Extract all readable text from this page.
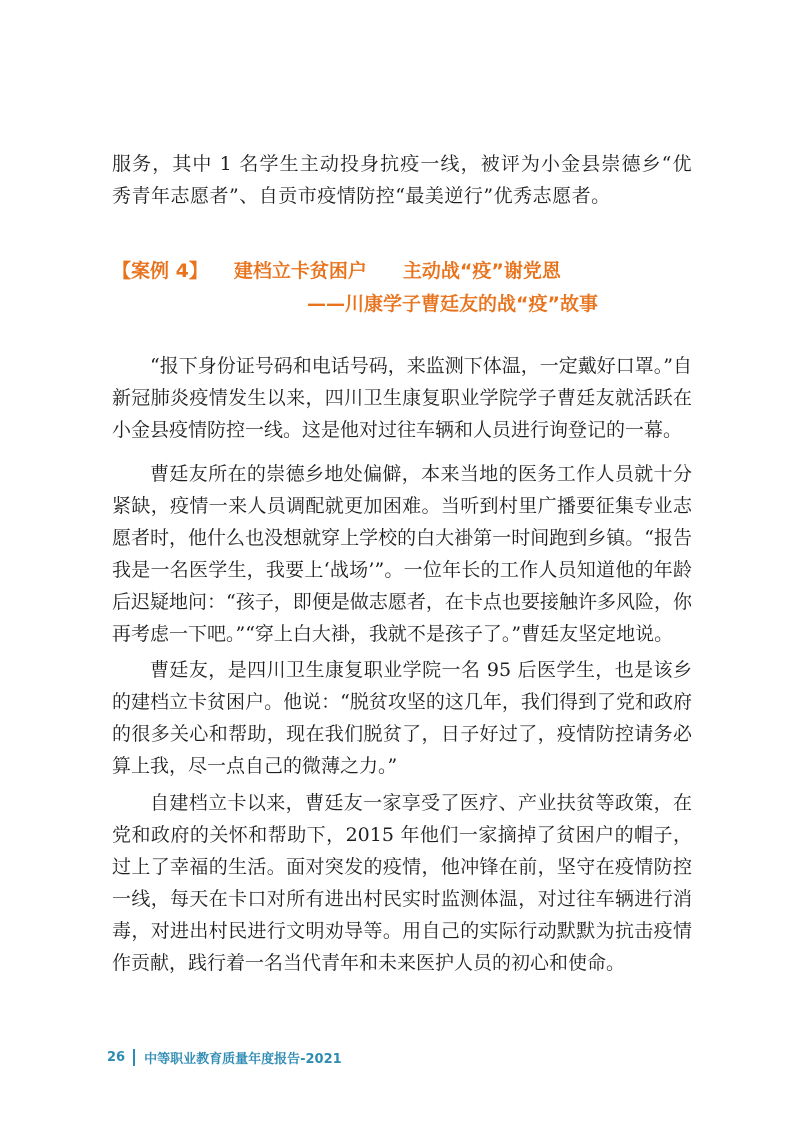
服务，其中 1 名学生主动投身抗疫一线，被评为小金县崇德乡“优秀青年志愿者”、自贡市疫情防控“最美逆行”优秀志愿者。

【案例 4】 建档立卡贫困户 主动战“疫”谢党恩
——川康学子曹廷友的战“疫”故事

“报下身份证号码和电话号码，来监测下体温，一定戴好口罩。”自新冠肺炎疫情发生以来，四川卫生康复职业学院学子曹廷友就活跃在小金县疫情防控一线。这是他对过往车辆和人员进行询登记的一幕。

曹廷友所在的崇德乡地处偏僻，本来当地的医务工作人员就十分紧缺，疫情一来人员调配就更加困难。当听到村里广播要征集专业志愿者时，他什么也没想就穿上学校的白大褂第一时间跑到乡镇。“报告我是一名医学生，我要上‘战场’”。一位年长的工作人员知道他的年龄后迟疑地问：“孩子，即便是做志愿者，在卡点也要接触许多风险，你再考虑一下吧。”“穿上白大褂，我就不是孩子了。”曹廷友坚定地说。

曹廷友，是四川卫生康复职业学院一名 95 后医学生，也是该乡的建档立卡贫困户。他说：“脱贫攻坚的这几年，我们得到了党和政府的很多关心和帮助，现在我们脱贫了，日子好过了，疫情防控请务必算上我，尽一点自己的微薄之力。”

自建档立卡以来，曹廷友一家享受了医疗、产业扶贫等政策，在党和政府的关怀和帮助下，2015 年他们一家摘掉了贫困户的帽子，过上了幸福的生活。面对突发的疫情，他冲锋在前，坚守在疫情防控一线，每天在卡口对所有进出村民实时监测体温，对过往车辆进行消毒，对进出村民进行文明劝导等。用自己的实际行动默默为抗击疫情作贡献，践行着一名当代青年和未来医护人员的初心和使命。

26 中等职业教育质量年度报告-2021
